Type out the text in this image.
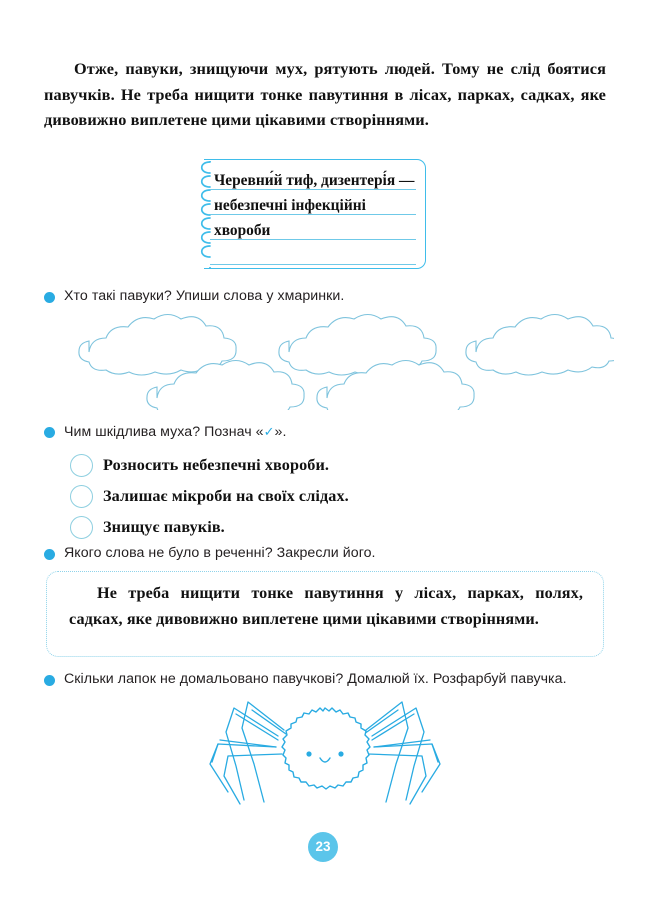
Отже, павуки, знищуючи мух, рятують людей. Тому не слід боятися павучків. Не треба нищити тонке павутиння в лісах, парках, садках, яке дивовижно виплетене цими цікавими створіннями.
Черевни́й тиф, дизентері́я — небезпечні інфекційні хвороби
Хто такі павуки? Упиши слова у хмаринки.
Чим шкідлива муха? Познач «✓».
Розносить небезпечні хвороби.
Залишає мікроби на своїх слідах.
Знищує павуків.
Якого слова не було в реченні? Закресли його.
Не треба нищити тонке павутиння у лісах, парках, полях, садках, яке дивовижно виплетене цими цікавими створіннями.
Скільки лапок не домальовано павучкові? Домалюй їх. Розфарбуй павучка.
23
